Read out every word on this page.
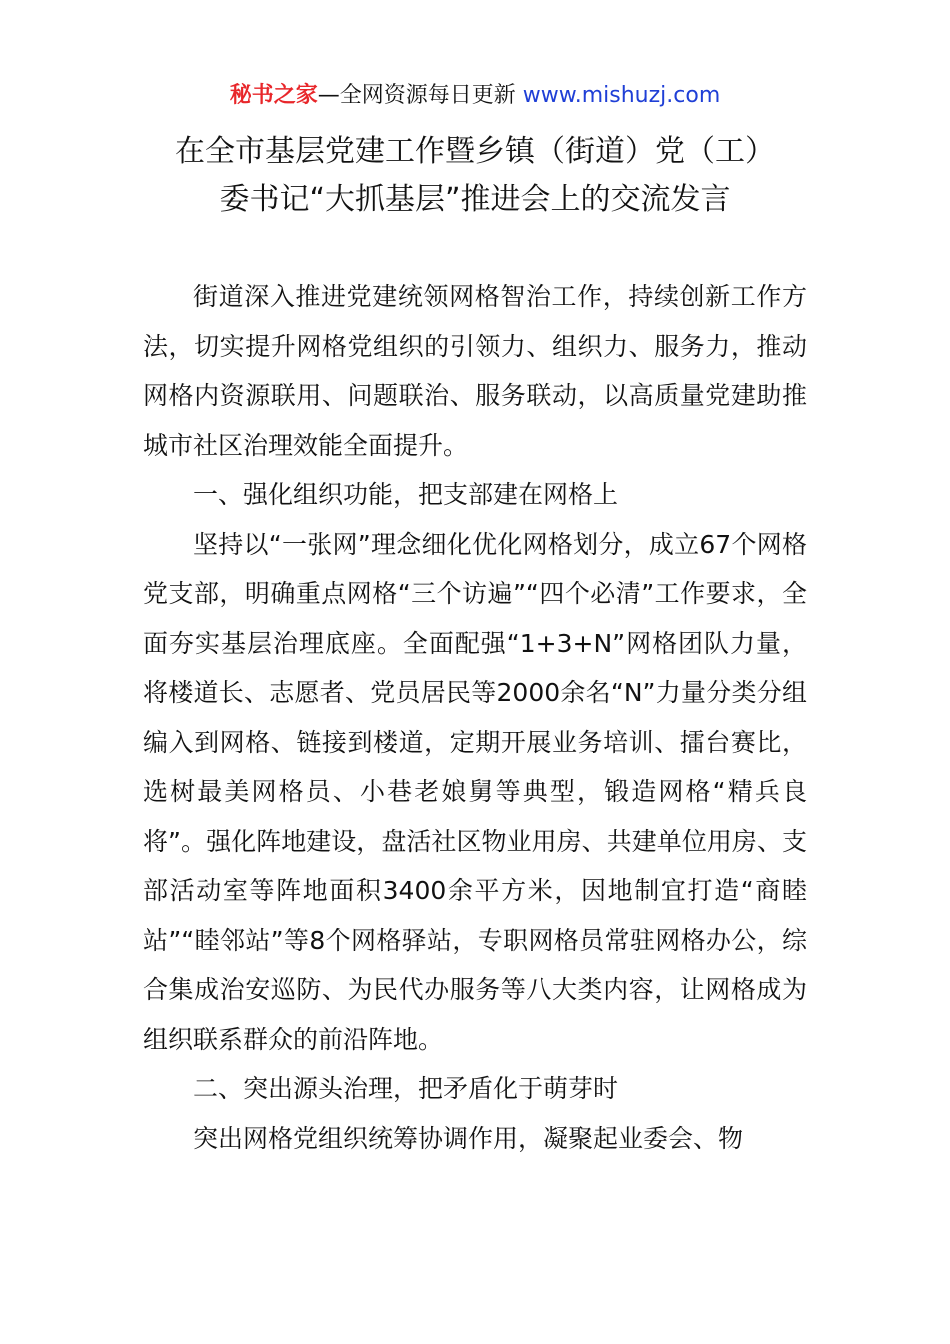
秘书之家—全网资源每日更新 www.mishuzj.com
在全市基层党建工作暨乡镇（街道）党（工）
委书记“大抓基层”推进会上的交流发言

街道深入推进党建统领网格智治工作，持续创新工作方法，切实提升网格党组织的引领力、组织力、服务力，推动网格内资源联用、问题联治、服务联动，以高质量党建助推城市社区治理效能全面提升。

一、强化组织功能，把支部建在网格上

坚持以“一张网”理念细化优化网格划分，成立67个网格党支部，明确重点网格“三个访遍”“四个必清”工作要求，全面夯实基层治理底座。全面配强“1+3+N”网格团队力量，将楼道长、志愿者、党员居民等2000余名“N”力量分类分组编入到网格、链接到楼道，定期开展业务培训、擂台赛比，选树最美网格员、小巷老娘舅等典型，锻造网格“精兵良将”。强化阵地建设，盘活社区物业用房、共建单位用房、支部活动室等阵地面积3400余平方米，因地制宜打造“商睦站”“睦邻站”等8个网格驿站，专职网格员常驻网格办公，综合集成治安巡防、为民代办服务等八大类内容，让网格成为组织联系群众的前沿阵地。

二、突出源头治理，把矛盾化于萌芽时

突出网格党组织统筹协调作用，凝聚起业委会、物
